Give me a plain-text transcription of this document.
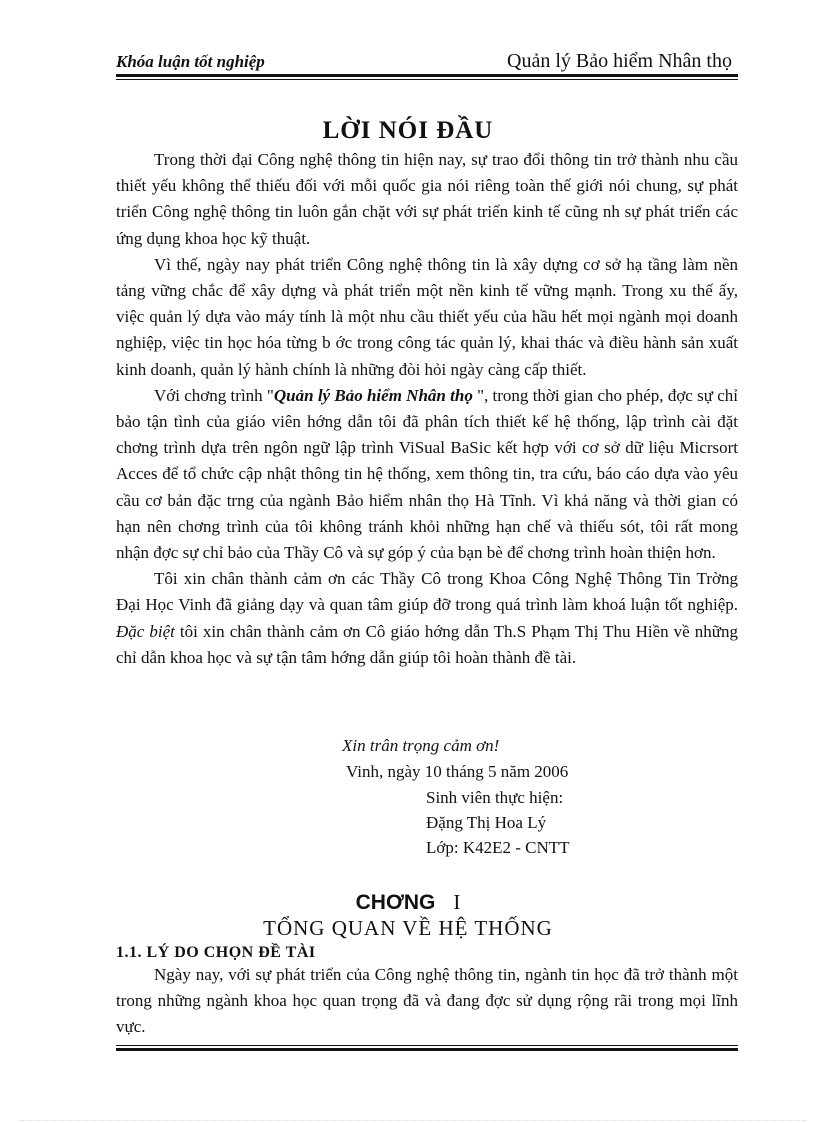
Khóa luận tốt nghiệp	Quản lý Bảo hiểm Nhân thọ
LỜI NÓI ĐẦU

Trong thời đại Công nghệ thông tin hiện nay, sự trao đổi thông tin trở thành nhu cầu thiết yếu không thể thiếu đối với mỗi quốc gia nói riêng toàn thế giới nói chung, sự phát triển Công nghệ thông tin luôn gắn chặt với sự phát triển kinh tế cũng nh sự phát triển các ứng dụng khoa học kỹ thuật.

Vì thế, ngày nay phát triển Công nghệ thông tin là xây dựng cơ sở hạ tầng làm nền tảng vững chắc để xây dựng và phát triển một nền kinh tế vững mạnh. Trong xu thế ấy, việc quản lý dựa vào máy tính là một nhu cầu thiết yếu của hầu hết mọi ngành mọi doanh nghiệp, việc tin học hóa từng b ớc trong công tác quản lý, khai thác và điều hành sản xuất kinh doanh, quản lý hành chính là những đòi hỏi ngày càng cấp thiết.

Với chơng trình "Quản lý Bảo hiểm Nhân thọ ", trong thời gian cho phép, đợc sự chỉ bảo tận tình của giáo viên hớng dẫn tôi đã phân tích thiết kế hệ thống, lập trình cài đặt chơng trình dựa trên ngôn ngữ lập trình ViSual BaSic kết hợp với cơ sở dữ liệu Micrsort Acces để tổ chức cập nhật thông tin hệ thống, xem thông tin, tra cứu, báo cáo dựa vào yêu cầu cơ bản đặc trng của ngành Bảo hiểm nhân thọ Hà Tĩnh. Vì khả năng và thời gian có hạn nên chơng trình của tôi không tránh khỏi những hạn chế và thiếu sót, tôi rất mong nhận đợc sự chỉ bảo của Thầy Cô và sự góp ý của bạn bè để chơng trình hoàn thiện hơn.

Tôi xin chân thành cảm ơn các Thầy Cô trong Khoa Công Nghệ Thông Tin Trờng Đại Học Vinh đã giảng dạy và quan tâm giúp đỡ trong quá trình làm khoá luận tốt nghiệp. Đặc biệt tôi xin chân thành cảm ơn Cô giáo hớng dẫn Th.S Phạm Thị Thu Hiền về những chỉ dẫn khoa học và sự tận tâm hớng dẫn giúp tôi hoàn thành đề tài.

Xin trân trọng cảm ơn!
Vinh, ngày 10 tháng 5 năm 2006
Sinh viên thực hiện:
Đặng Thị Hoa Lý
Lớp: K42E2 - CNTT
CHƠNG I
TỔNG QUAN VỀ HỆ THỐNG
1.1. LÝ DO CHỌN ĐỀ TÀI

Ngày nay, với sự phát triển của Công nghệ thông tin, ngành tin học đã trở thành một trong những ngành khoa học quan trọng đã và đang đợc sử dụng rộng rãi trong mọi lĩnh vực.
